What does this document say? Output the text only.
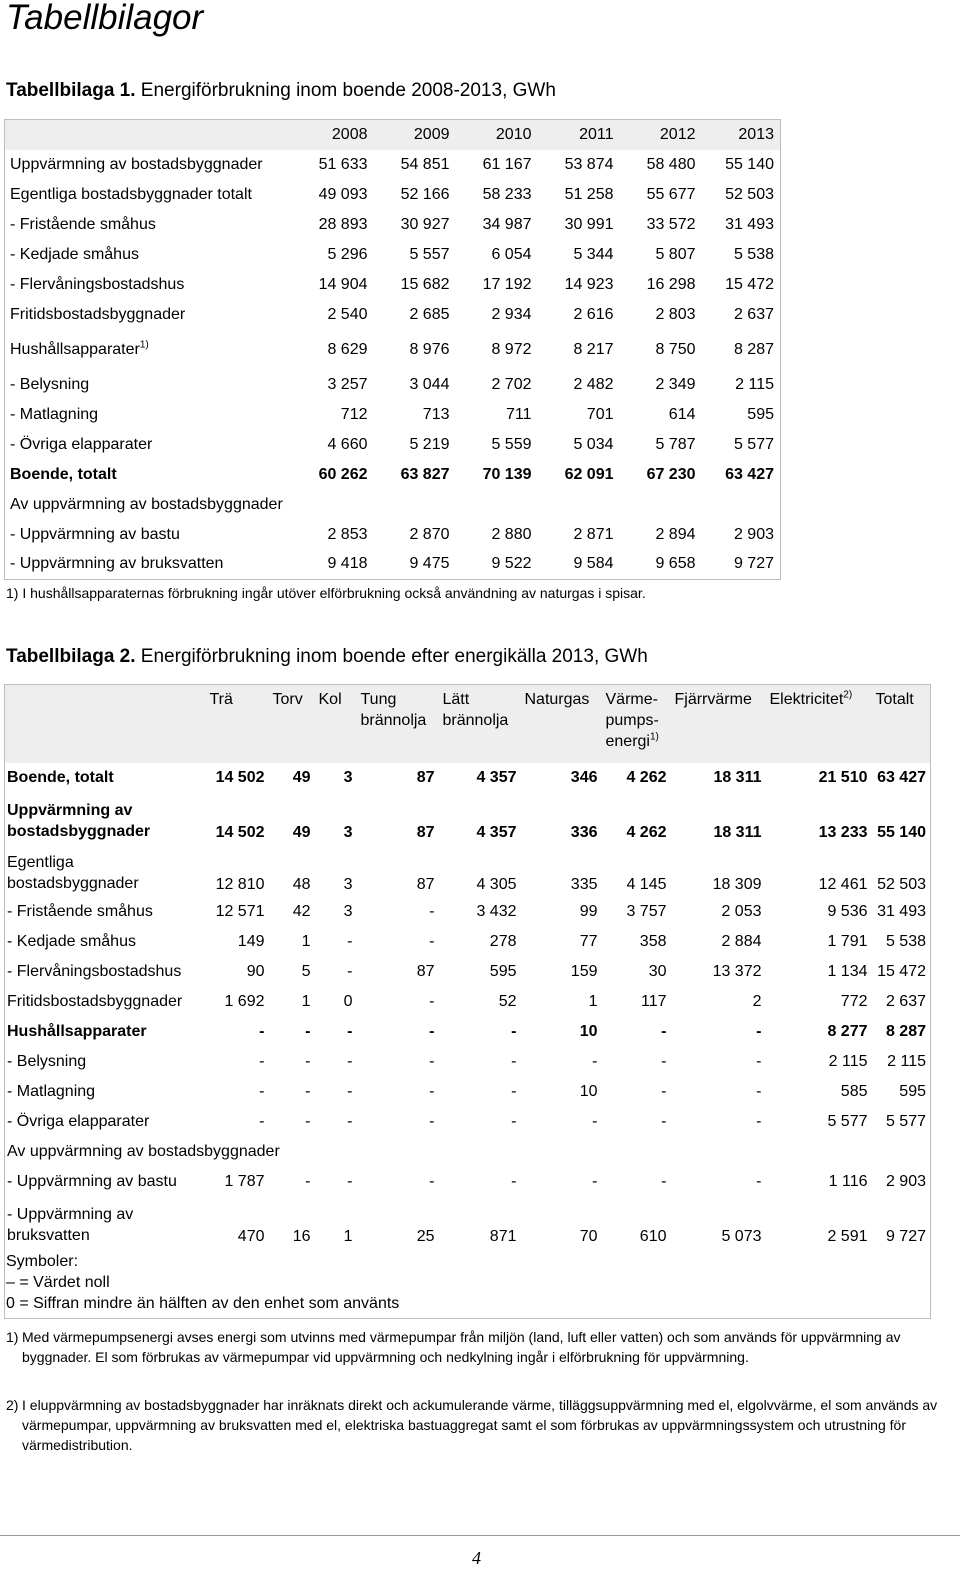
Tabellbilagor
Tabellbilaga 1. Energiförbrukning inom boende 2008-2013, GWh
	2008	2009	2010	2011	2012	2013
Uppvärmning av bostadsbyggnader	51 633	54 851	61 167	53 874	58 480	55 140
Egentliga bostadsbyggnader totalt	49 093	52 166	58 233	51 258	55 677	52 503
- Fristående småhus	28 893	30 927	34 987	30 991	33 572	31 493
- Kedjade småhus	5 296	5 557	6 054	5 344	5 807	5 538
- Flervåningsbostadshus	14 904	15 682	17 192	14 923	16 298	15 472
Fritidsbostadsbyggnader	2 540	2 685	2 934	2 616	2 803	2 637
Hushållsapparater$^{1)}$	8 629	8 976	8 972	8 217	8 750	8 287
- Belysning	3 257	3 044	2 702	2 482	2 349	2 115
- Matlagning	712	713	711	701	614	595
- Övriga elapparater	4 660	5 219	5 559	5 034	5 787	5 577
Boende, totalt	60 262	63 827	70 139	62 091	67 230	63 427
Av uppvärmning av bostadsbyggnader						
- Uppvärmning av bastu	2 853	2 870	2 880	2 871	2 894	2 903
- Uppvärmning av bruksvatten	9 418	9 475	9 522	9 584	9 658	9 727
1) I hushållsapparaternas förbrukning ingår utöver elförbrukning också användning av naturgas i spisar.
Tabellbilaga 2. Energiförbrukning inom boende efter energikälla 2013, GWh
	Trä	Torv	Kol	Tung brännolja	Lätt brännolja	Naturgas	Värme-
pumps-
energi$^{1)}$	Fjärrvärme	Elektricitet$^{2)}$	Totalt
Boende, totalt	14 502	49	3	87	4 357	346	4 262	18 311	21 510	63 427
Uppvärmning av bostadsbyggnader	14 502	49	3	87	4 357	336	4 262	18 311	13 233	55 140
Egentliga bostadsbyggnader	12 810	48	3	87	4 305	335	4 145	18 309	12 461	52 503
- Fristående småhus	12 571	42	3	-	3 432	99	3 757	2 053	9 536	31 493
- Kedjade småhus	149	1	-	-	278	77	358	2 884	1 791	5 538
- Flervåningsbostadshus	90	5	-	87	595	159	30	13 372	1 134	15 472
Fritidsbostadsbyggnader	1 692	1	0	-	52	1	117	2	772	2 637
Hushållsapparater	-	-	-	-	-	10	-	-	8 277	8 287
- Belysning	-	-	-	-	-	-	-	-	2 115	2 115
- Matlagning	-	-	-	-	-	10	-	-	585	595
- Övriga elapparater	-	-	-	-	-	-	-	-	5 577	5 577
Av uppvärmning av bostadsbyggnader										
- Uppvärmning av bastu	1 787	-	-	-	-	-	-	-	1 116	2 903
- Uppvärmning av bruksvatten	470	16	1	25	871	70	610	5 073	2 591	9 727

Symboler:
– = Värdet noll
0 = Siffran mindre än hälften av den enhet som använts
1) Med värmepumpsenergi avses energi som utvinns med värmepumpar från miljön (land, luft eller vatten) och som används för uppvärmning av byggnader. El som förbrukas av värmepumpar vid uppvärmning och nedkylning ingår i elförbrukning för uppvärmning.
2) I eluppvärmning av bostadsbyggnader har inräknats direkt och ackumulerande värme, tilläggsuppvärmning med el, elgolvvärme, el som används av värmepumpar, uppvärmning av bruksvatten med el, elektriska bastuaggregat samt el som förbrukas av uppvärmningssystem och utrustning för värmedistribution.
4
